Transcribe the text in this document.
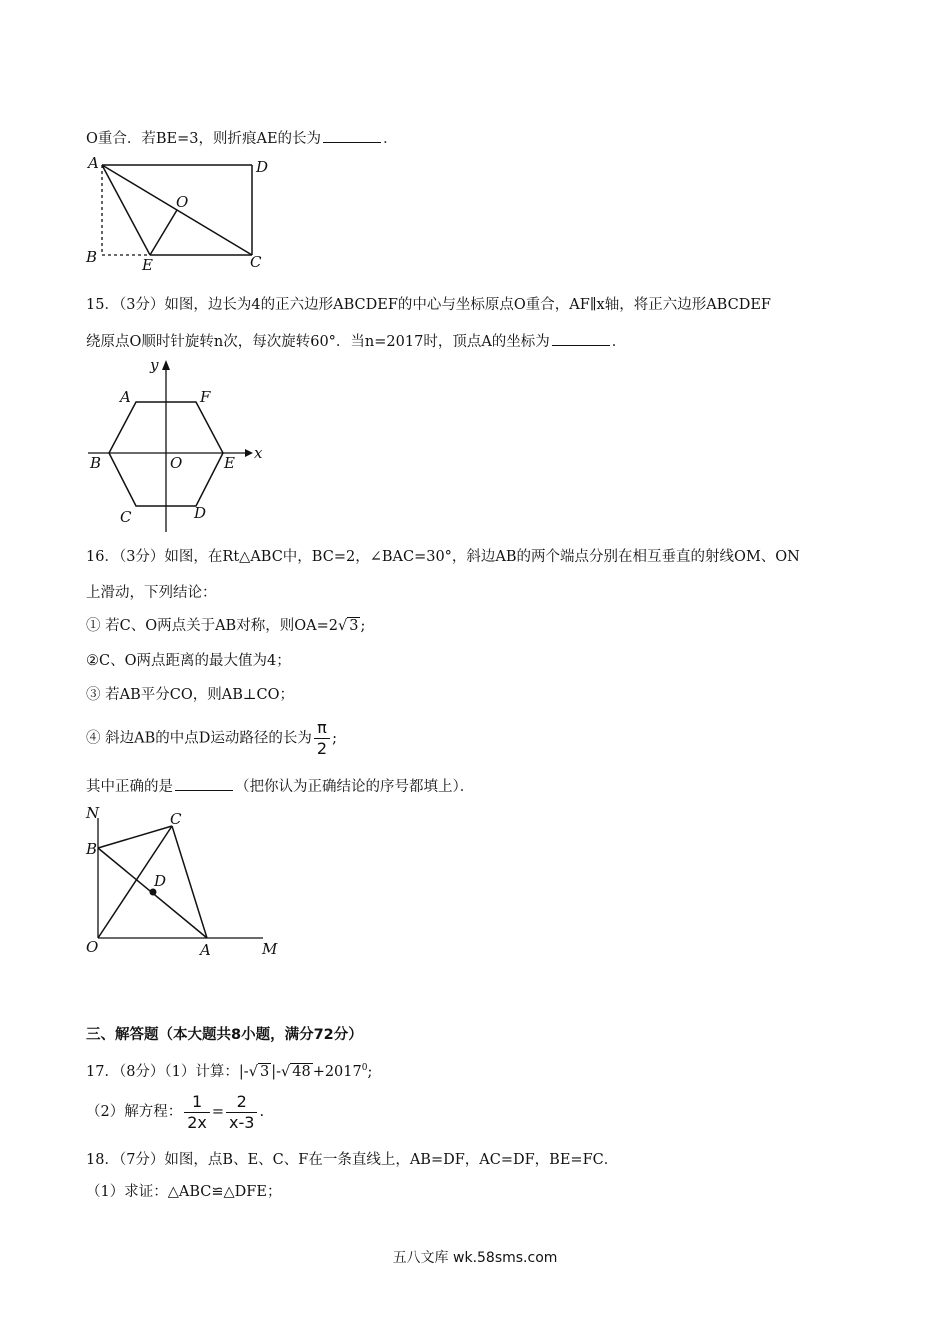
O重合．若BE=3，则折痕AE的长为	．
A	D
O
B	E	C
15．（3分）如图，边长为4的正六边形ABCDEF的中心与坐标原点O重合，AF∥x轴，将正六边形ABCDEF
绕原点O顺时针旋转n次，每次旋转60°．当n=2017时，顶点A的坐标为	．
y
A	F
x
B	O	E
C	D
16．（3分）如图，在Rt△ABC中，BC=2，∠BAC=30°，斜边AB的两个端点分别在相互垂直的射线OM、ON
上滑动，下列结论：
① 若C、O两点关于AB对称，则OA=2√ 3 ;
②C、O两点距离的最大值为4；
③ 若AB平分CO，则AB⊥CO；
④ 斜边AB的中点D运动路径的长为 $\frac{\pi}{2}$ ;
其中正确的是	（把你认为正确结论的序号都填上）．
N	C
B
D
O	A	M
三、解答题（本大题共8小题，满分72分）
17．（8分）（1）计算：|-√ 3 |-√ $48 +2017^0$;
（2）解方程： $\frac{1}{2x} = \frac{2}{x-3}$ .
18．（7分）如图，点B、E、C、F在一条直线上，AB=DF，AC=DF，BE=FC．
（1）求证：△ABC≌△DFE；
五八文库 wk.58sms.com
